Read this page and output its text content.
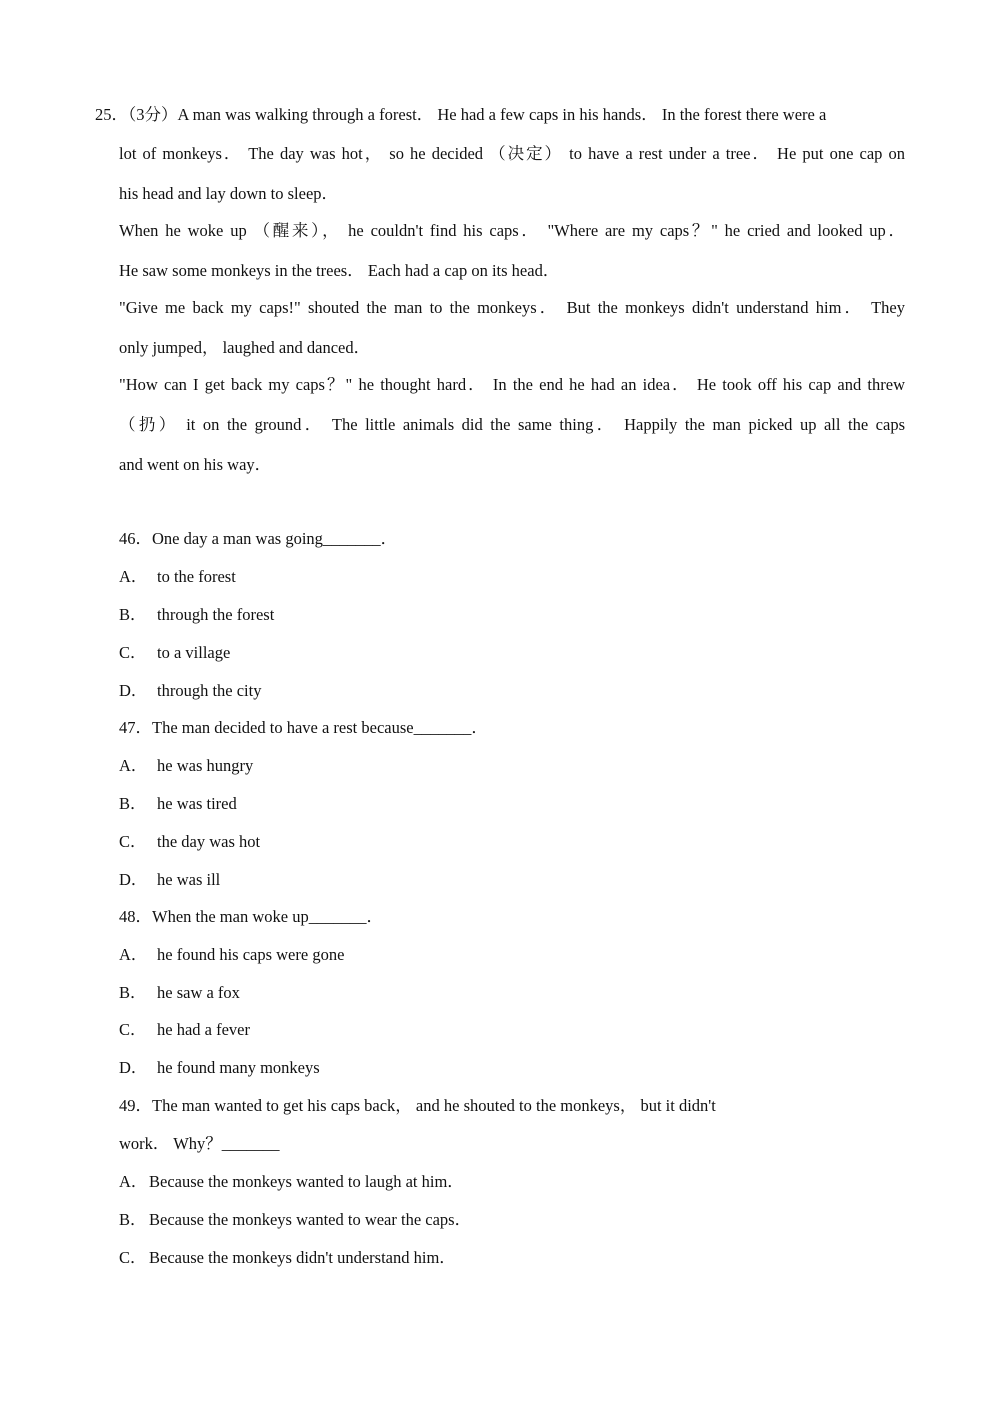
25．（3分）A man was walking through a forest． He had a few caps in his hands． In the forest there were a
lot of monkeys． The day was hot， so he decided （决定） to have a rest under a tree． He put one cap on
his head and lay down to sleep．
When he woke up （醒来）， he couldn't find his caps． "Where are my caps？" he cried and looked up．
He saw some monkeys in the trees． Each had a cap on its head．
"Give me back my caps!" shouted the man to the monkeys． But the monkeys didn't understand him． They
only jumped， laughed and danced．
"How can I get back my caps？" he thought hard． In the end he had an idea． He took off his cap and threw
（扔） it on the ground． The little animals did the same thing． Happily the man picked up all the caps
and went on his way．
46．One day a man was going_______．
A． to the forest
B． through the forest
C． to a village
D． through the city
47．The man decided to have a rest because_______．
A． he was hungry
B． he was tired
C． the day was hot
D． he was ill
48．When the man woke up_______．
A． he found his caps were gone
B． he saw a fox
C． he had a fever
D． he found many monkeys
49．The man wanted to get his caps back， and he shouted to the monkeys， but it didn't
work． Why？_______
A．Because the monkeys wanted to laugh at him．
B． Because the monkeys wanted to wear the caps．
C． Because the monkeys didn't understand him．
